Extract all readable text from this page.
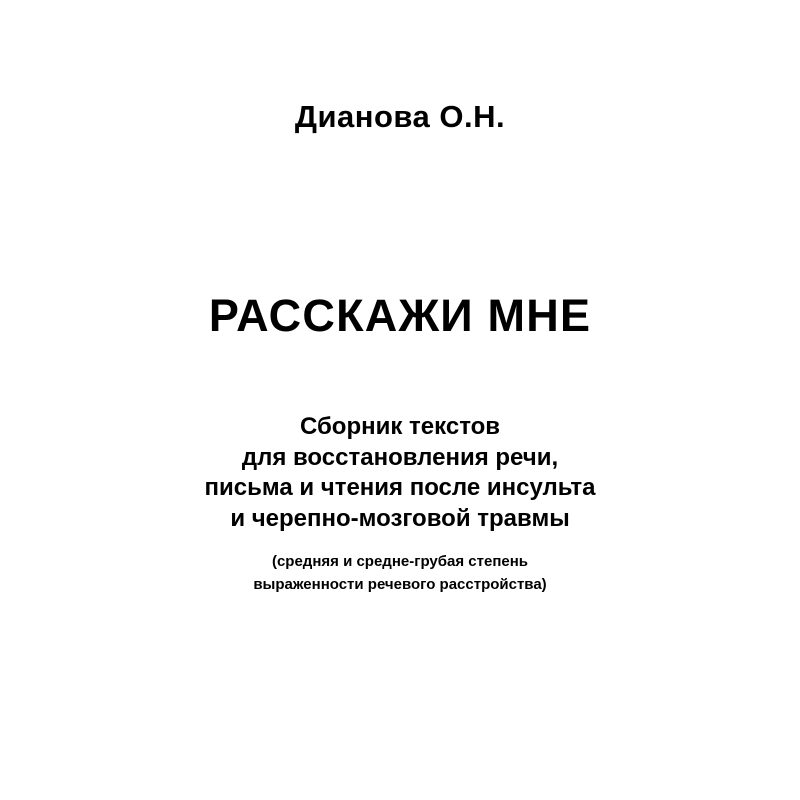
Дианова О.Н.
РАССКАЖИ МНЕ
Сборник текстов
для восстановления речи,
письма и чтения после инсульта
и черепно-мозговой травмы
(средняя и средне-грубая степень
выраженности речевого расстройства)
